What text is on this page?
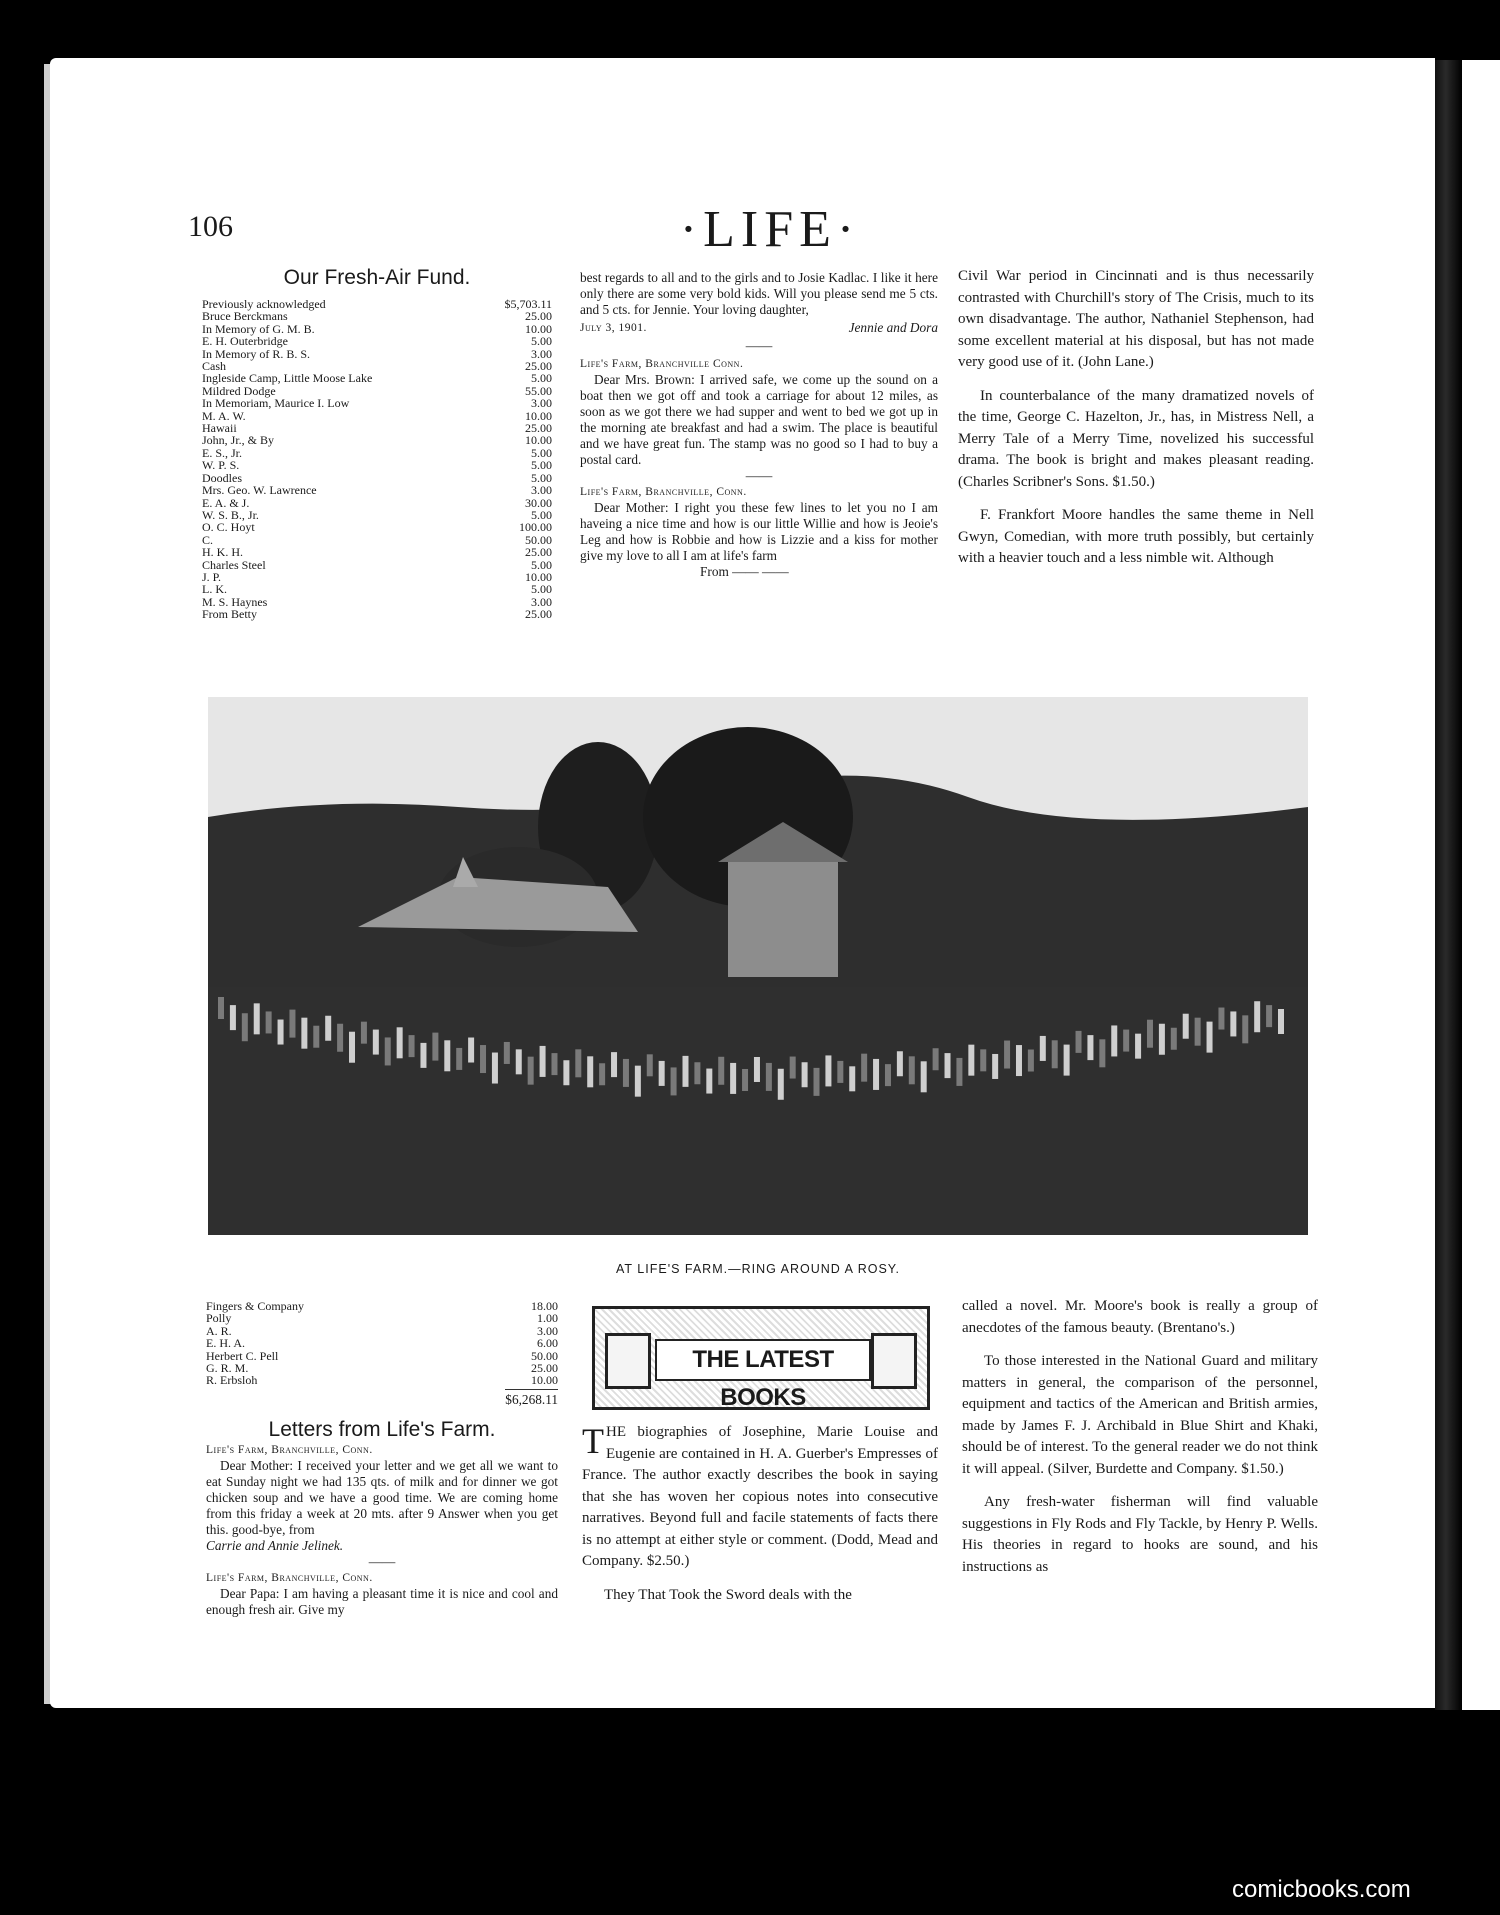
106	·LIFE·
Our Fresh-Air Fund.
Previously acknowledged	$5,703.11
Bruce Berckmans	25.00
In Memory of G. M. B.	10.00
E. H. Outerbridge	5.00
In Memory of R. B. S.	3.00
Cash	25.00
Ingleside Camp, Little Moose Lake	5.00
Mildred Dodge	55.00
In Memoriam, Maurice I. Low	3.00
M. A. W.	10.00
Hawaii	25.00
John, Jr., & By	10.00
E. S., Jr.	5.00
W. P. S.	5.00
Doodles	5.00
Mrs. Geo. W. Lawrence	3.00
E. A. & J.	30.00
W. S. B., Jr.	5.00
O. C. Hoyt	100.00
C.	50.00
H. K. H.	25.00
Charles Steel	5.00
J. P.	10.00
L. K.	5.00
M. S. Haynes	3.00
From Betty	25.00

best regards to all and to the girls and to Josie Kadlac. I like it here only there are some very bold kids. Will you please send me 5 cts. and 5 cts. for Jennie. Your loving daughter,

July 3, 1901.	Jennie and Dora
——

Life's Farm, Branchville Conn.

Dear Mrs. Brown: I arrived safe, we come up the sound on a boat then we got off and took a carriage for about 12 miles, as soon as we got there we had supper and went to bed we got up in the morning ate breakfast and had a swim. The place is beautiful and we have great fun. The stamp was no good so I had to buy a postal card.

——

Life's Farm, Branchville, Conn.

Dear Mother: I right you these few lines to let you no I am haveing a nice time and how is our little Willie and how is Jeoie's Leg and how is Robbie and how is Lizzie and a kiss for mother give my love to all I am at life's farm

From —— ——

Civil War period in Cincinnati and is thus necessarily contrasted with Churchill's story of The Crisis, much to its own disadvantage. The author, Nathaniel Stephenson, had some excellent material at his disposal, but has not made very good use of it. (John Lane.)

In counterbalance of the many dramatized novels of the time, George C. Hazelton, Jr., has, in Mistress Nell, a Merry Tale of a Merry Time, novelized his successful drama. The book is bright and makes pleasant reading. (Charles Scribner's Sons. $1.50.)

F. Frankfort Moore handles the same theme in Nell Gwyn, Comedian, with more truth possibly, but certainly with a heavier touch and a less nimble wit. Although

AT LIFE'S FARM.—RING AROUND A ROSY.
Fingers & Company	18.00
Polly	1.00
A. R.	3.00
E. H. A.	6.00
Herbert C. Pell	50.00
G. R. M.	25.00
R. Erbsloh	10.00
$6,268.11
Letters from Life's Farm.

Life's Farm, Branchville, Conn.

Dear Mother: I received your letter and we get all we want to eat Sunday night we had 135 qts. of milk and for dinner we got chicken soup and we have a good time. We are coming home from this friday a week at 20 mts. after 9 Answer when you get this. good-bye, from

Carrie and Annie Jelinek.

——

Life's Farm, Branchville, Conn.

Dear Papa: I am having a pleasant time it is nice and cool and enough fresh air. Give my

THE LATEST BOOKS

THE biographies of Josephine, Marie Louise and Eugenie are contained in H. A. Guerber's Empresses of France. The author exactly describes the book in saying that she has woven her copious notes into consecutive narratives. Beyond full and facile statements of facts there is no attempt at either style or comment. (Dodd, Mead and Company. $2.50.)

They That Took the Sword deals with the

called a novel. Mr. Moore's book is really a group of anecdotes of the famous beauty. (Brentano's.)

To those interested in the National Guard and military matters in general, the comparison of the personnel, equipment and tactics of the American and British armies, made by James F. J. Archibald in Blue Shirt and Khaki, should be of interest. To the general reader we do not think it will appeal. (Silver, Burdette and Company. $1.50.)

Any fresh-water fisherman will find valuable suggestions in Fly Rods and Fly Tackle, by Henry P. Wells. His theories in regard to hooks are sound, and his instructions as

comicbooks.com
